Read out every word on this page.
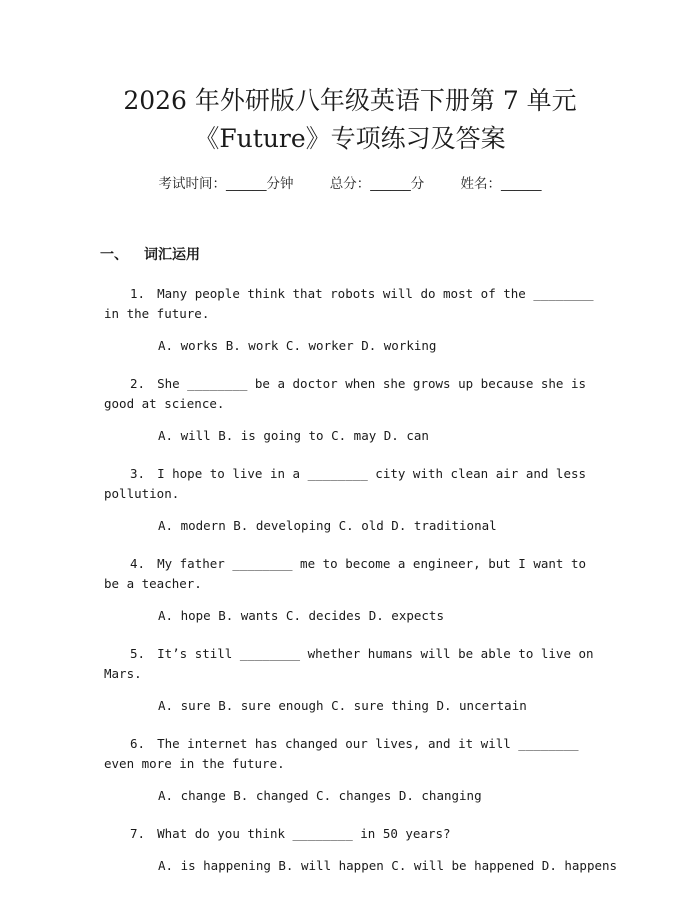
2026 年外研版八年级英语下册第 7 单元
《Future》专项练习及答案
考试时间：______分钟	总分：______分	姓名：______
一、 词汇运用

1. Many people think that robots will do most of the ________ in the future.

A. works B. work C. worker D. working

2. She ________ be a doctor when she grows up because she is good at science.

A. will B. is going to C. may D. can

3. I hope to live in a ________ city with clean air and less pollution.

A. modern B. developing C. old D. traditional

4. My father ________ me to become a engineer, but I want to be a teacher.

A. hope B. wants C. decides D. expects

5. It’s still ________ whether humans will be able to live on Mars.

A. sure B. sure enough C. sure thing D. uncertain

6. The internet has changed our lives, and it will ________ even more in the future.

A. change B. changed C. changes D. changing

7. What do you think ________ in 50 years?

A. is happening B. will happen C. will be happened D. happens
